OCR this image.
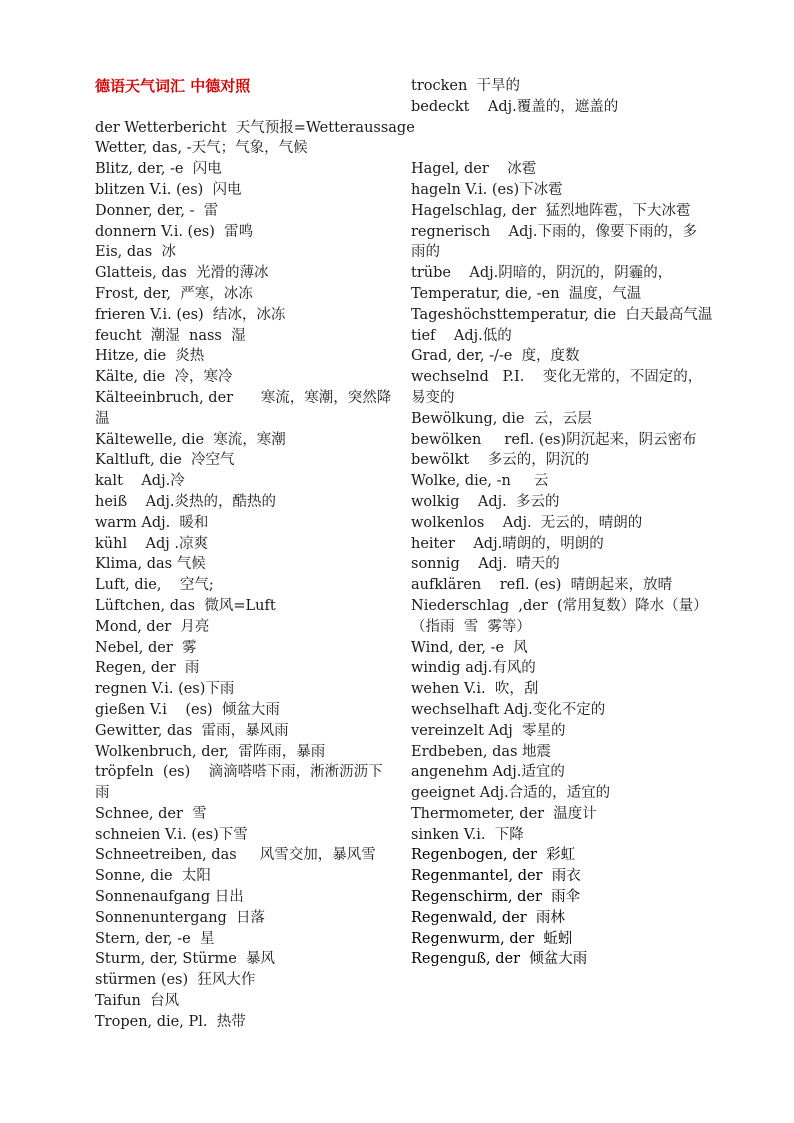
德语天气词汇 中德对照
der Wetterbericht  天气预报=Wetteraussage
Wetter, das, -天气；气象，气候
Blitz, der, -e  闪电
blitzen V.i. (es)  闪电
Donner, der, -  雷
donnern V.i. (es)  雷鸣
Eis, das  冰
Glatteis, das  光滑的薄冰
Frost, der,  严寒，冰冻
frieren V.i. (es)  结冰，冰冻
feucht  潮湿  nass  湿
Hitze, die  炎热
Kälte, die  冷，寒冷
Kälteeinbruch, der      寒流，寒潮，突然降
温
Kältewelle, die  寒流，寒潮
Kaltluft, die  冷空气
kalt    Adj.冷
heiß    Adj.炎热的，酷热的
warm Adj.  暖和
kühl    Adj .凉爽
Klima, das 气候
Luft, die,    空气;
Lüftchen, das  微风=Luft
Mond, der  月亮
Nebel, der  雾
Regen, der  雨
regnen V.i. (es)下雨
gießen V.i    (es)  倾盆大雨
Gewitter, das  雷雨，暴风雨
Wolkenbruch, der,  雷阵雨，暴雨
tröpfeln  (es)    滴滴嗒嗒下雨，淅淅沥沥下
雨
Schnee, der  雪
schneien V.i. (es)下雪
Schneetreiben, das     风雪交加，暴风雪
Sonne, die  太阳
Sonnenaufgang 日出
Sonnenuntergang  日落
Stern, der, -e  星
Sturm, der, Stürme  暴风
stürmen (es)  狂风大作
Taifun  台风
Tropen, die, Pl.  热带
trocken  干旱的
bedeckt    Adj.覆盖的，遮盖的
Hagel, der    冰雹
hageln V.i. (es)下冰雹
Hagelschlag, der  猛烈地阵雹，下大冰雹
regnerisch    Adj.下雨的，像要下雨的，多
雨的
trübe    Adj.阴暗的，阴沉的，阴霾的，
Temperatur, die, -en  温度，气温
Tageshöchsttemperatur, die  白天最高气温
tief    Adj.低的
Grad, der, -/-e  度，度数
wechselnd   P.I.    变化无常的，不固定的，
易变的
Bewölkung, die  云，云层
bewölken     refl. (es)阴沉起来，阴云密布
bewölkt    多云的，阴沉的
Wolke, die, -n     云
wolkig    Adj.  多云的
wolkenlos    Adj.  无云的，晴朗的
heiter    Adj.晴朗的，明朗的
sonnig    Adj.  晴天的
aufklären    refl. (es)  晴朗起来，放晴
Niederschlag  ,der  (常用复数）降水（量）
（指雨  雪  雾等）
Wind, der, -e  风
windig adj.有风的
wehen V.i.  吹，刮
wechselhaft Adj.变化不定的
vereinzelt Adj  零星的
Erdbeben, das 地震
angenehm Adj.适宜的
geeignet Adj.合适的，适宜的
Thermometer, der  温度计
sinken V.i.  下降
Regenbogen, der  彩虹
Regenmantel, der  雨衣
Regenschirm, der  雨伞
Regenwald, der  雨林
Regenwurm, der  蚯蚓
Regenguß, der  倾盆大雨
